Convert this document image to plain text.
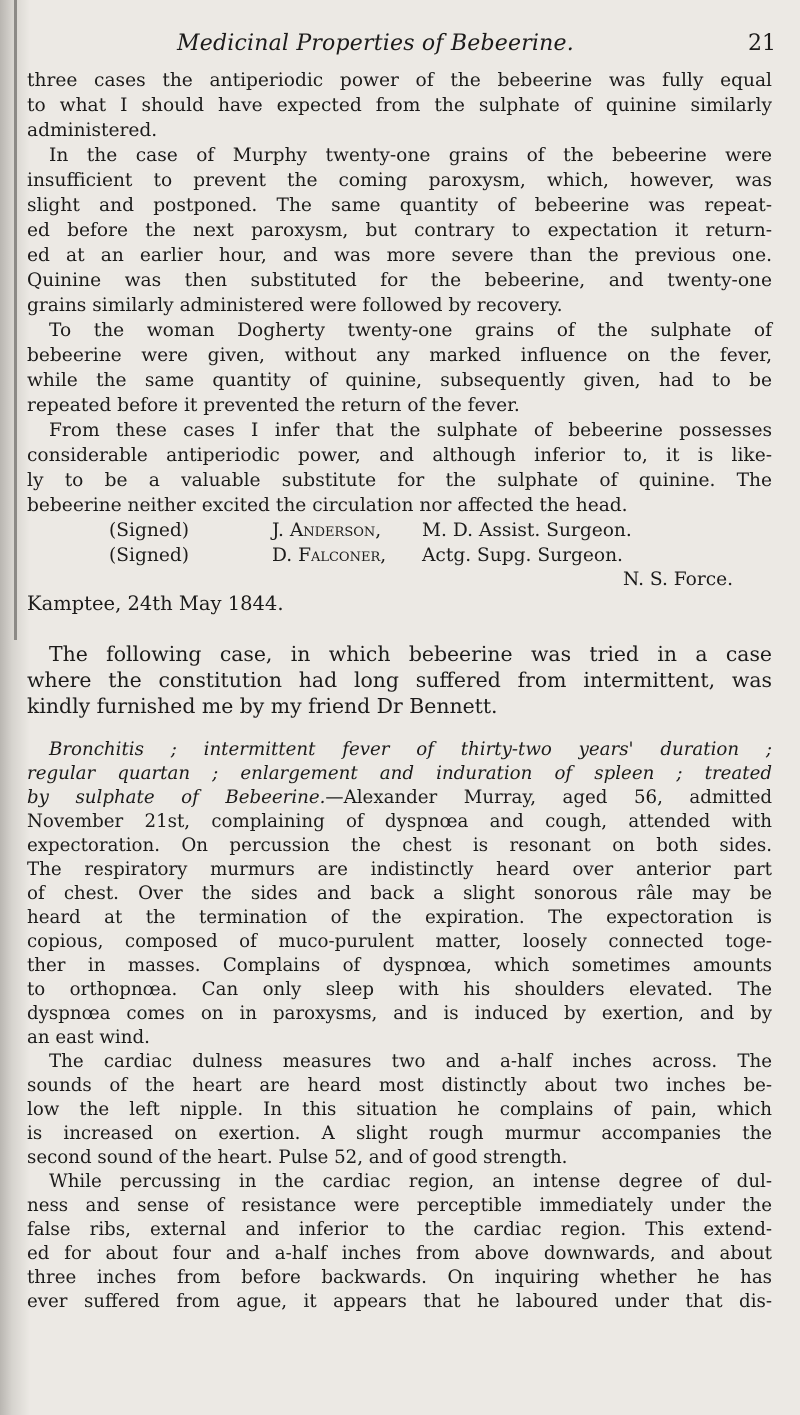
Medicinal Properties of Bebeerine.	21
three cases the antiperiodic power of the bebeerine was fully equal
to what I should have expected from the sulphate of quinine similarly
administered.
In the case of Murphy twenty-one grains of the bebeerine were
insufficient to prevent the coming paroxysm, which, however, was
slight and postponed. The same quantity of bebeerine was repeat-
ed before the next paroxysm, but contrary to expectation it return-
ed at an earlier hour, and was more severe than the previous one.
Quinine was then substituted for the bebeerine, and twenty-one
grains similarly administered were followed by recovery.
To the woman Dogherty twenty-one grains of the sulphate of
bebeerine were given, without any marked influence on the fever,
while the same quantity of quinine, subsequently given, had to be
repeated before it prevented the return of the fever.
From these cases I infer that the sulphate of bebeerine possesses
considerable antiperiodic power, and although inferior to, it is like-
ly to be a valuable substitute for the sulphate of quinine. The
bebeerine neither excited the circulation nor affected the head.
(Signed)	J. Anderson, M. D. Assist. Surgeon.
(Signed)	D. Falconer, Actg. Supg. Surgeon.
N. S. Force.
Kamptee, 24th May 1844.
The following case, in which bebeerine was tried in a case
where the constitution had long suffered from intermittent, was
kindly furnished me by my friend Dr Bennett.
Bronchitis ; intermittent fever of thirty-two years' duration ;
regular quartan ; enlargement and induration of spleen ; treated
by sulphate of Bebeerine.—Alexander Murray, aged 56, admitted
November 21st, complaining of dyspnœa and cough, attended with
expectoration. On percussion the chest is resonant on both sides.
The respiratory murmurs are indistinctly heard over anterior part
of chest. Over the sides and back a slight sonorous râle may be
heard at the termination of the expiration. The expectoration is
copious, composed of muco-purulent matter, loosely connected toge-
ther in masses. Complains of dyspnœa, which sometimes amounts
to orthopnœa. Can only sleep with his shoulders elevated. The
dyspnœa comes on in paroxysms, and is induced by exertion, and by
an east wind.
The cardiac dulness measures two and a-half inches across. The
sounds of the heart are heard most distinctly about two inches be-
low the left nipple. In this situation he complains of pain, which
is increased on exertion. A slight rough murmur accompanies the
second sound of the heart. Pulse 52, and of good strength.
While percussing in the cardiac region, an intense degree of dul-
ness and sense of resistance were perceptible immediately under the
false ribs, external and inferior to the cardiac region. This extend-
ed for about four and a-half inches from above downwards, and about
three inches from before backwards. On inquiring whether he has
ever suffered from ague, it appears that he laboured under that dis-
